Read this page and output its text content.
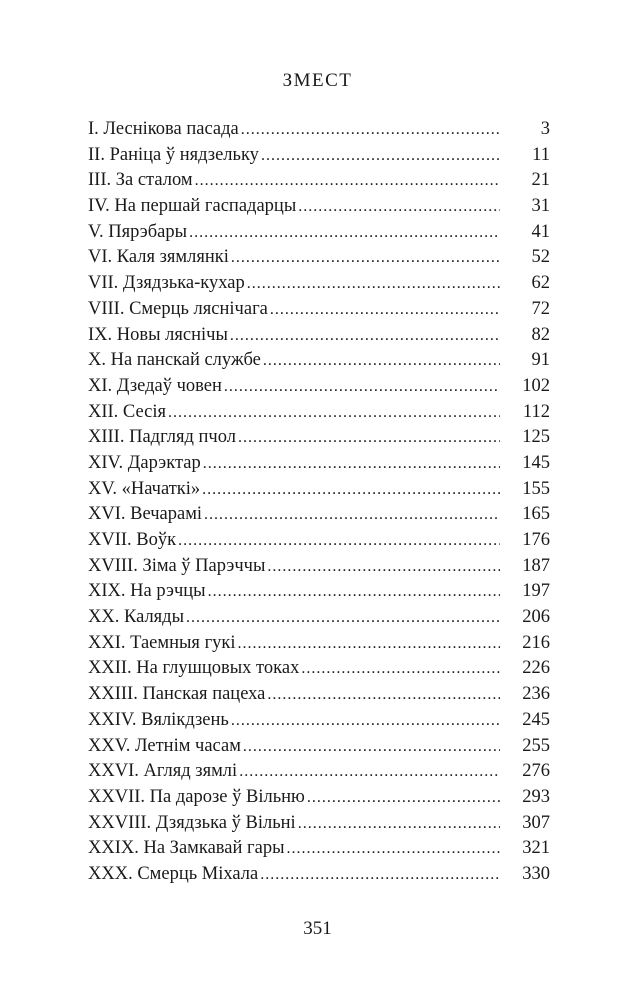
ЗМЕСТ
I. Леснікова пасада .....	3
II. Раніца ў нядзельку .....	11
III. За сталом .....	21
IV. На першай гаспадарцы .....	31
V. Пярэбары .....	41
VI. Каля зямлянкі .....	52
VII. Дзядзька-кухар .....	62
VIII. Смерць ляснічага .....	72
IX. Новы ляснічы .....	82
X. На панскай службе .....	91
XI. Дзедаў човен .....	102
XII. Сесія .....	112
XIII. Падгляд пчол .....	125
XIV. Дарэктар .....	145
XV. «Начаткі» .....	155
XVI. Вечарамі .....	165
XVII. Воўк .....	176
XVIII. Зіма ў Парэччы .....	187
XIX. На рэчцы .....	197
XX. Каляды .....	206
XXI. Таемныя гукі .....	216
XXII. На глушцовых токах .....	226
XXIII. Панская пацеха .....	236
XXIV. Вялікдзень .....	245
XXV. Летнім часам .....	255
XXVI. Агляд зямлі .....	276
XXVII. Па дарозе ў Вільню .....	293
XXVIII. Дзядзька ў Вільні .....	307
XXIX. На Замкавай гары .....	321
XXX. Смерць Міхала .....	330
351
